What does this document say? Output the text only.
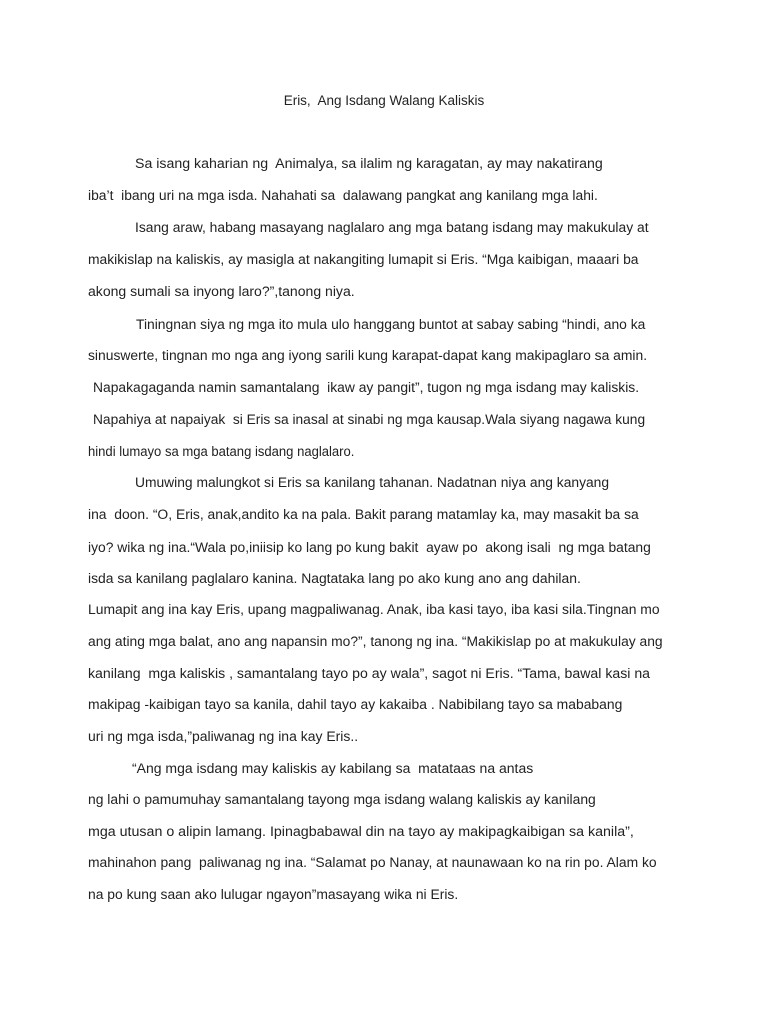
Eris,  Ang Isdang Walang Kaliskis
Sa isang kaharian ng  Animalya, sa ilalim ng karagatan, ay may nakatirang
iba’t  ibang uri na mga isda. Nahahati sa  dalawang pangkat ang kanilang mga lahi.
Isang araw, habang masayang naglalaro ang mga batang isdang may makukulay at
makikislap na kaliskis, ay masigla at nakangiting lumapit si Eris. “Mga kaibigan, maaari ba
akong sumali sa inyong laro?”,tanong niya.
Tiningnan siya ng mga ito mula ulo hanggang buntot at sabay sabing “hindi, ano ka
sinuswerte, tingnan mo nga ang iyong sarili kung karapat-dapat kang makipaglaro sa amin.
Napakagaganda namin samantalang  ikaw ay pangit”, tugon ng mga isdang may kaliskis.
Napahiya at napaiyak  si Eris sa inasal at sinabi ng mga kausap.Wala siyang nagawa kung
hindi lumayo sa mga batang isdang naglalaro.
Umuwing malungkot si Eris sa kanilang tahanan. Nadatnan niya ang kanyang
ina  doon. “O, Eris, anak,andito ka na pala. Bakit parang matamlay ka, may masakit ba sa
iyo? wika ng ina.“Wala po,iniisip ko lang po kung bakit  ayaw po  akong isali  ng mga batang
isda sa kanilang paglalaro kanina. Nagtataka lang po ako kung ano ang dahilan.
Lumapit ang ina kay Eris, upang magpaliwanag. Anak, iba kasi tayo, iba kasi sila.Tingnan mo
ang ating mga balat, ano ang napansin mo?”, tanong ng ina. “Makikislap po at makukulay ang
kanilang  mga kaliskis , samantalang tayo po ay wala”, sagot ni Eris. “Tama, bawal kasi na
makipag -kaibigan tayo sa kanila, dahil tayo ay kakaiba . Nabibilang tayo sa mababang
uri ng mga isda,”paliwanag ng ina kay Eris..
“Ang mga isdang may kaliskis ay kabilang sa  matataas na antas
ng lahi o pamumuhay samantalang tayong mga isdang walang kaliskis ay kanilang
mga utusan o alipin lamang. Ipinagbabawal din na tayo ay makipagkaibigan sa kanila”,
mahinahon pang  paliwanag ng ina. “Salamat po Nanay, at naunawaan ko na rin po. Alam ko
na po kung saan ako lulugar ngayon”masayang wika ni Eris.
